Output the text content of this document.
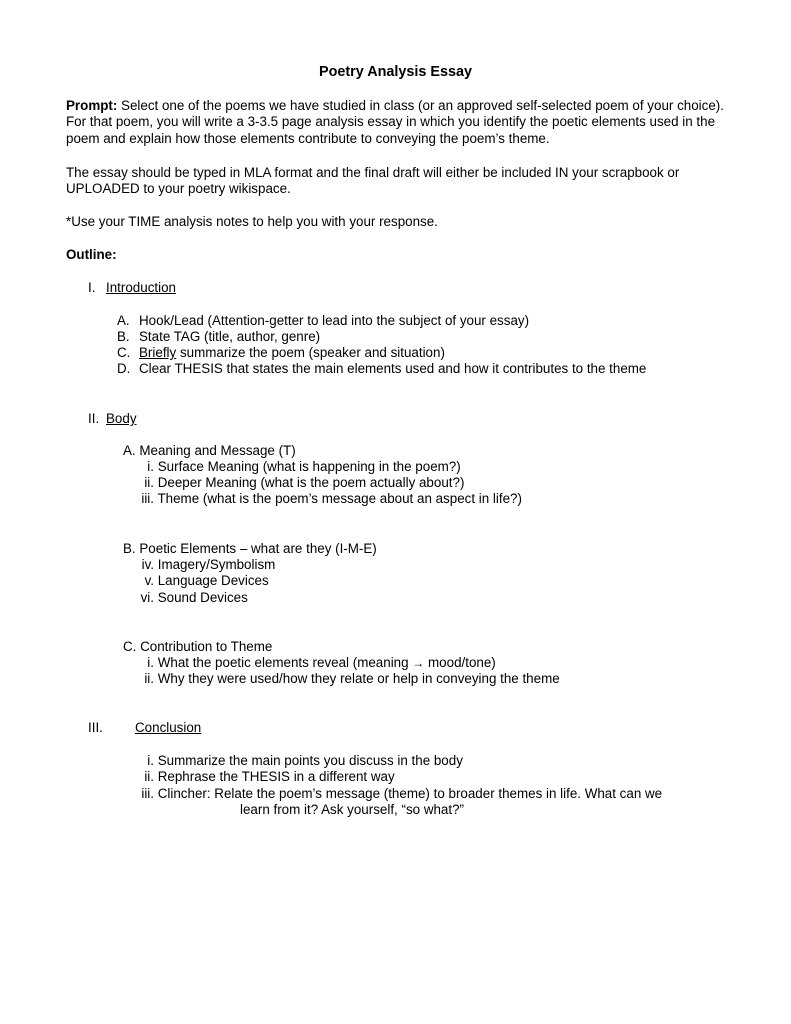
Poetry Analysis Essay
Prompt: Select one of the poems we have studied in class (or an approved self-selected poem of your choice). For that poem, you will write a 3-3.5 page analysis essay in which you identify the poetic elements used in the poem and explain how those elements contribute to conveying the poem’s theme.
The essay should be typed in MLA format and the final draft will either be included IN your scrapbook or UPLOADED to your poetry wikispace.
*Use your TIME analysis notes to help you with your response.
Outline:
I. Introduction
A. Hook/Lead (Attention-getter to lead into the subject of your essay)
B. State TAG (title, author, genre)
C. Briefly summarize the poem (speaker and situation)
D. Clear THESIS that states the main elements used and how it contributes to the theme
II. Body
A. Meaning and Message (T)
i. Surface Meaning (what is happening in the poem?)
ii. Deeper Meaning (what is the poem actually about?)
iii. Theme (what is the poem’s message about an aspect in life?)
B. Poetic Elements – what are they (I-M-E)
iv. Imagery/Symbolism
v. Language Devices
vi. Sound Devices
C. Contribution to Theme
i. What the poetic elements reveal (meaning → mood/tone)
ii. Why they were used/how they relate or help in conveying the theme
III. Conclusion
i. Summarize the main points you discuss in the body
ii. Rephrase the THESIS in a different way
iii. Clincher: Relate the poem’s message (theme) to broader themes in life. What can we
learn from it? Ask yourself, “so what?”
